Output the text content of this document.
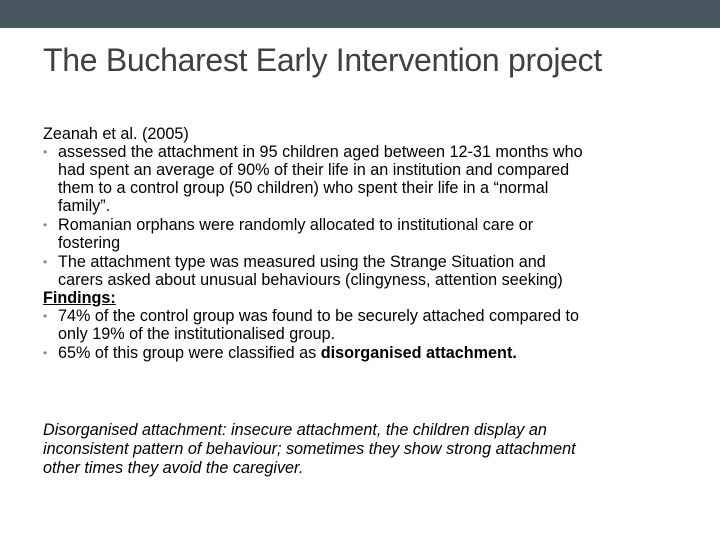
The Bucharest Early Intervention project

Zeanah et al. (2005)

• assessed the attachment in 95 children aged between 12-31 months who
had spent an average of 90% of their life in an institution and compared
them to a control group (50 children) who spent their life in a “normal
family”.
• Romanian orphans were randomly allocated to institutional care or
fostering
• The attachment type was measured using the Strange Situation and
carers asked about unusual behaviours (clingyness, attention seeking)

Findings:

• 74% of the control group was found to be securely attached compared to
only 19% of the institutionalised group.
• 65% of this group were classified as disorganised attachment.
Disorganised attachment: insecure attachment, the children display an
inconsistent pattern of behaviour; sometimes they show strong attachment
other times they avoid the caregiver.
